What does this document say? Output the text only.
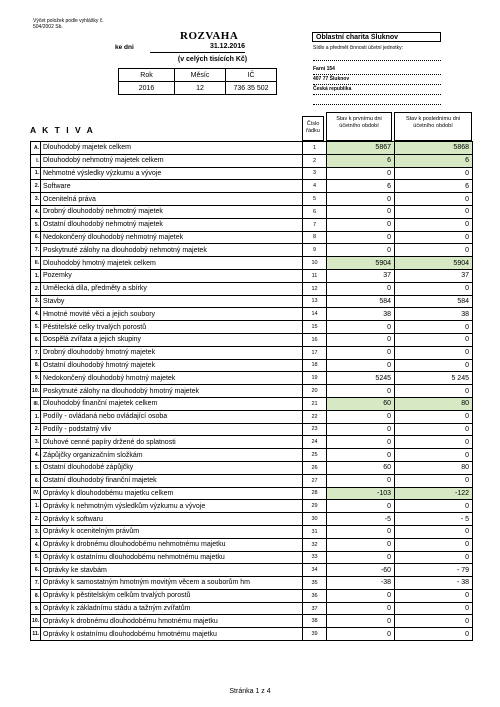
Výčet položek podle vyhlášky č. 504/2002 Sb.
ROZVAHA
ke dni	31.12.2016
(v celých tisících Kč)
Rok	Měsíc	IČ
2016	12	736 35 502
Oblastní charita Šluknov
Sídlo a předmět činnosti účetní jednotky:
Farní 154
407 77 Šluknov
Česká republika
A K T I V A
Číslo řádku
Stav k prvnímu dni účetního období
Stav k poslednímu dni účetního období
A.	Dlouhodobý majetek celkem	1	5867	5868
I.	Dlouhodobý nehmotný majetek celkem	2	6	6
1.	Nehmotné výsledky výzkumu a vývoje	3	0	0
2.	Software	4	6	6
3.	Ocenitelná práva	5	0	0
4.	Drobný dlouhodobý nehmotný majetek	6	0	0
5.	Ostatní dlouhodobý nehmotný majetek	7	0	0
6.	Nedokončený dlouhodobý nehmotný majetek	8	0	0
7.	Poskytnuté zálohy na dlouhodobý nehmotný majetek	9	0	0
II.	Dlouhodobý hmotný majetek celkem	10	5904	5904
1.	Pozemky	11	37	37
2.	Umělecká díla, předměty a sbírky	12	0	0
3.	Stavby	13	584	584
4.	Hmotné movité věci a jejich soubory	14	38	38
5.	Pěstitelské celky trvalých porostů	15	0	0
6.	Dospělá zvířata a jejich skupiny	16	0	0
7.	Drobný dlouhodobý hmotný majetek	17	0	0
8.	Ostatní dlouhodobý hmotný majetek	18	0	0
9.	Nedokončený dlouhodobý hmotný majetek	19	5245	5 245
10.	Poskytnuté zálohy na dlouhodobý hmotný majetek	20	0	0
III.	Dlouhodobý finanční majetek celkem	21	60	80
1.	Podíly - ovládaná nebo ovládající osoba	22	0	0
2.	Podíly - podstatný vliv	23	0	0
3.	Dluhové cenné papíry držené do splatnosti	24	0	0
4.	Zápůjčky organizačním složkám	25	0	0
5.	Ostatní dlouhodobé zápůjčky	26	60	80
6.	Ostatní dlouhodobý finanční majetek	27	0	0
IV.	Oprávky k dlouhodobému majetku celkem	28	-103	-122
1.	Oprávky k nehmotným výsledkům výzkumu a vývoje	29	0	0
2.	Oprávky k softwaru	30	-5	- 5
3.	Oprávky k ocenitelným právům	31	0	0
4.	Oprávky k drobnému dlouhodobému nehmotnému majetku	32	0	0
5.	Oprávky k ostatnímu dlouhodobému nehmotnému majetku	33	0	0
6.	Oprávky ke stavbám	34	-60	- 79
7.	Oprávky k samostatným hmotným movitým věcem a souborům hm	35	-38	- 38
8.	Oprávky k pěstitelským celkům trvalých porostů	36	0	0
9.	Oprávky k základnímu stádu a tažným zvířatům	37	0	0
10.	Oprávky k drobnému dlouhodobému hmotnému majetku	38	0	0
11.	Oprávky k ostatnímu dlouhodobému hmotnému majetku	39	0	0
Stránka 1 z 4
